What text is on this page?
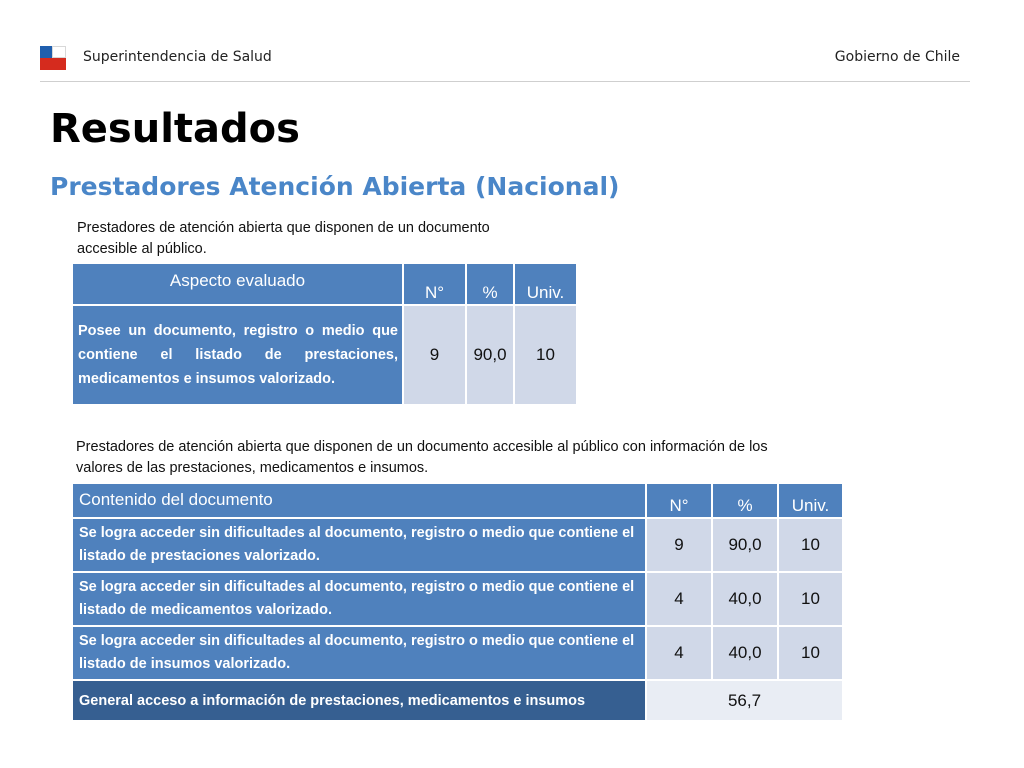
Superintendencia de Salud	Gobierno de Chile
Resultados
Prestadores Atención Abierta (Nacional)
Prestadores de atención abierta que disponen de un documento accesible al público.
Aspecto evaluado	N°	%	Univ.
Posee un documento, registro o medio que contiene el listado de prestaciones, medicamentos e insumos valorizado.	9	90,0	10
Prestadores de atención abierta que disponen de un documento accesible al público con información de los valores de las prestaciones, medicamentos e insumos.
Contenido del documento	N°	%	Univ.
Se logra acceder sin dificultades al documento, registro o medio que contiene el listado de prestaciones valorizado.	9	90,0	10
Se logra acceder sin dificultades al documento, registro o medio que contiene el listado de medicamentos valorizado.	4	40,0	10
Se logra acceder sin dificultades al documento, registro o medio que contiene el listado de insumos valorizado.	4	40,0	10
General acceso a información de prestaciones, medicamentos e insumos	56,7		
